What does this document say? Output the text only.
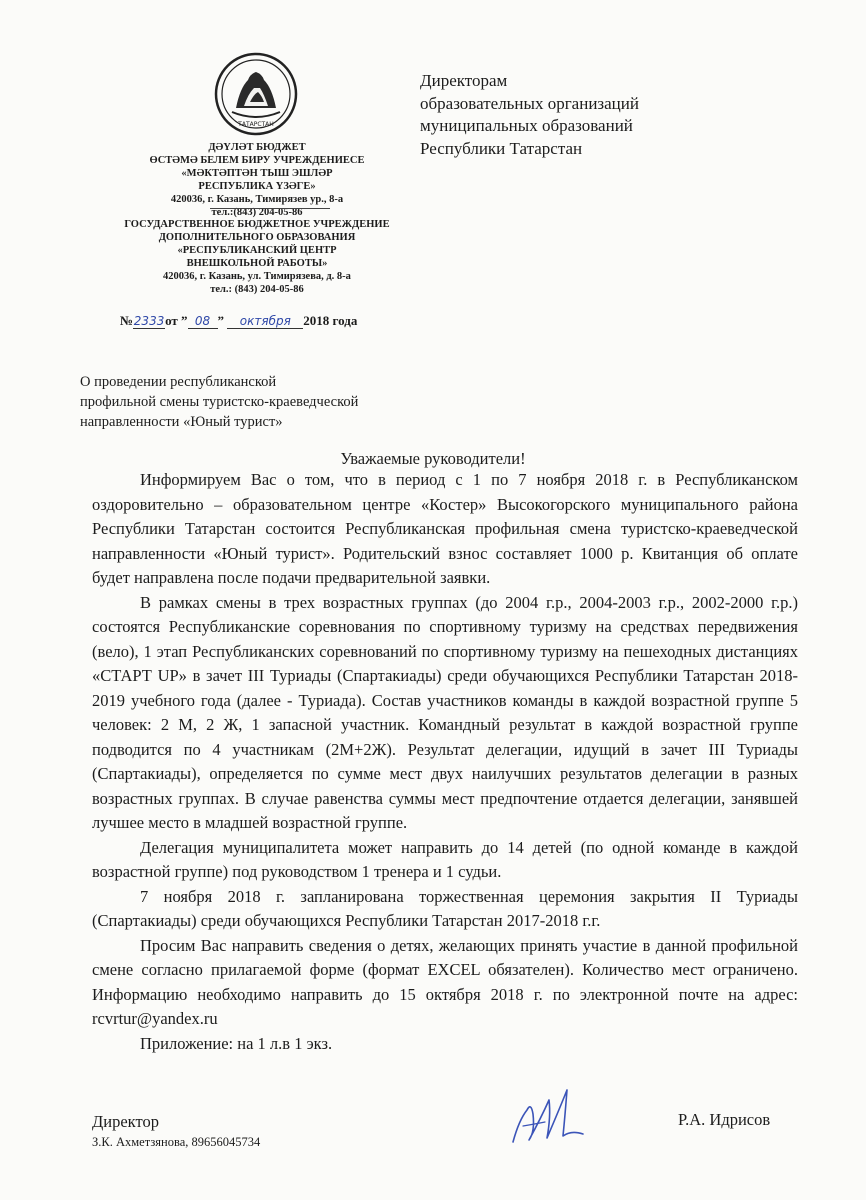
ТАТАРСТАН
ДӘҮЛӘТ БЮДЖЕТ
ӨСТӘМӘ БЕЛЕМ БИРУ УЧРЕЖДЕНИЕСЕ
«МӘКТӘПТӘН ТЫШ ЭШЛӘР
РЕСПУБЛИКА ҮЗӘГЕ»
420036, г. Казань, Тимирязев ур., 8-а
тел.:(843) 204-05-86
ГОСУДАРСТВЕННОЕ БЮДЖЕТНОЕ УЧРЕЖДЕНИЕ
ДОПОЛНИТЕЛЬНОГО ОБРАЗОВАНИЯ
«РЕСПУБЛИКАНСКИЙ ЦЕНТР
ВНЕШКОЛЬНОЙ РАБОТЫ»
420036, г. Казань, ул. Тимирязева, д. 8-а
тел.: (843) 204-05-86
№2333от ” 08 ” октября 2018 года
Директорам
образовательных организаций
муниципальных образований
Республики Татарстан
О проведении республиканской
профильной смены туристско-краеведческой
направленности «Юный турист»
Уважаемые руководители!

Информируем Вас о том, что в период с 1 по 7 ноября 2018 г. в Республиканском оздоровительно – образовательном центре «Костер» Высокогорского муниципального района Республики Татарстан состоится Республиканская профильная смена туристско-краеведческой направленности «Юный турист». Родительский взнос составляет 1000 р. Квитанция об оплате будет направлена после подачи предварительной заявки.

В рамках смены в трех возрастных группах (до 2004 г.р., 2004-2003 г.р., 2002-2000 г.р.) состоятся Республиканские соревнования по спортивному туризму на средствах передвижения (вело), 1 этап Республиканских соревнований по спортивному туризму на пешеходных дистанциях «СТАРТ UP» в зачет III Туриады (Спартакиады) среди обучающихся Республики Татарстан 2018-2019 учебного года (далее - Туриада). Состав участников команды в каждой возрастной группе 5 человек: 2 М, 2 Ж, 1 запасной участник. Командный результат в каждой возрастной группе подводится по 4 участникам (2М+2Ж). Результат делегации, идущий в зачет III Туриады (Спартакиады), определяется по сумме мест двух наилучших результатов делегации в разных возрастных группах. В случае равенства суммы мест предпочтение отдается делегации, занявшей лучшее место в младшей возрастной группе.

Делегация муниципалитета может направить до 14 детей (по одной команде в каждой возрастной группе) под руководством 1 тренера и 1 судьи.

7 ноября 2018 г. запланирована торжественная церемония закрытия II Туриады (Спартакиады) среди обучающихся Республики Татарстан 2017-2018 г.г.

Просим Вас направить сведения о детях, желающих принять участие в данной профильной смене согласно прилагаемой форме (формат EXCEL обязателен). Количество мест ограничено. Информацию необходимо направить до 15 октября 2018 г. по электронной почте на адрес: rcvrtur@yandex.ru

Приложение: на 1 л.в 1 экз.

Директор
З.К. Ахметзянова, 89656045734
Р.А. Идрисов
